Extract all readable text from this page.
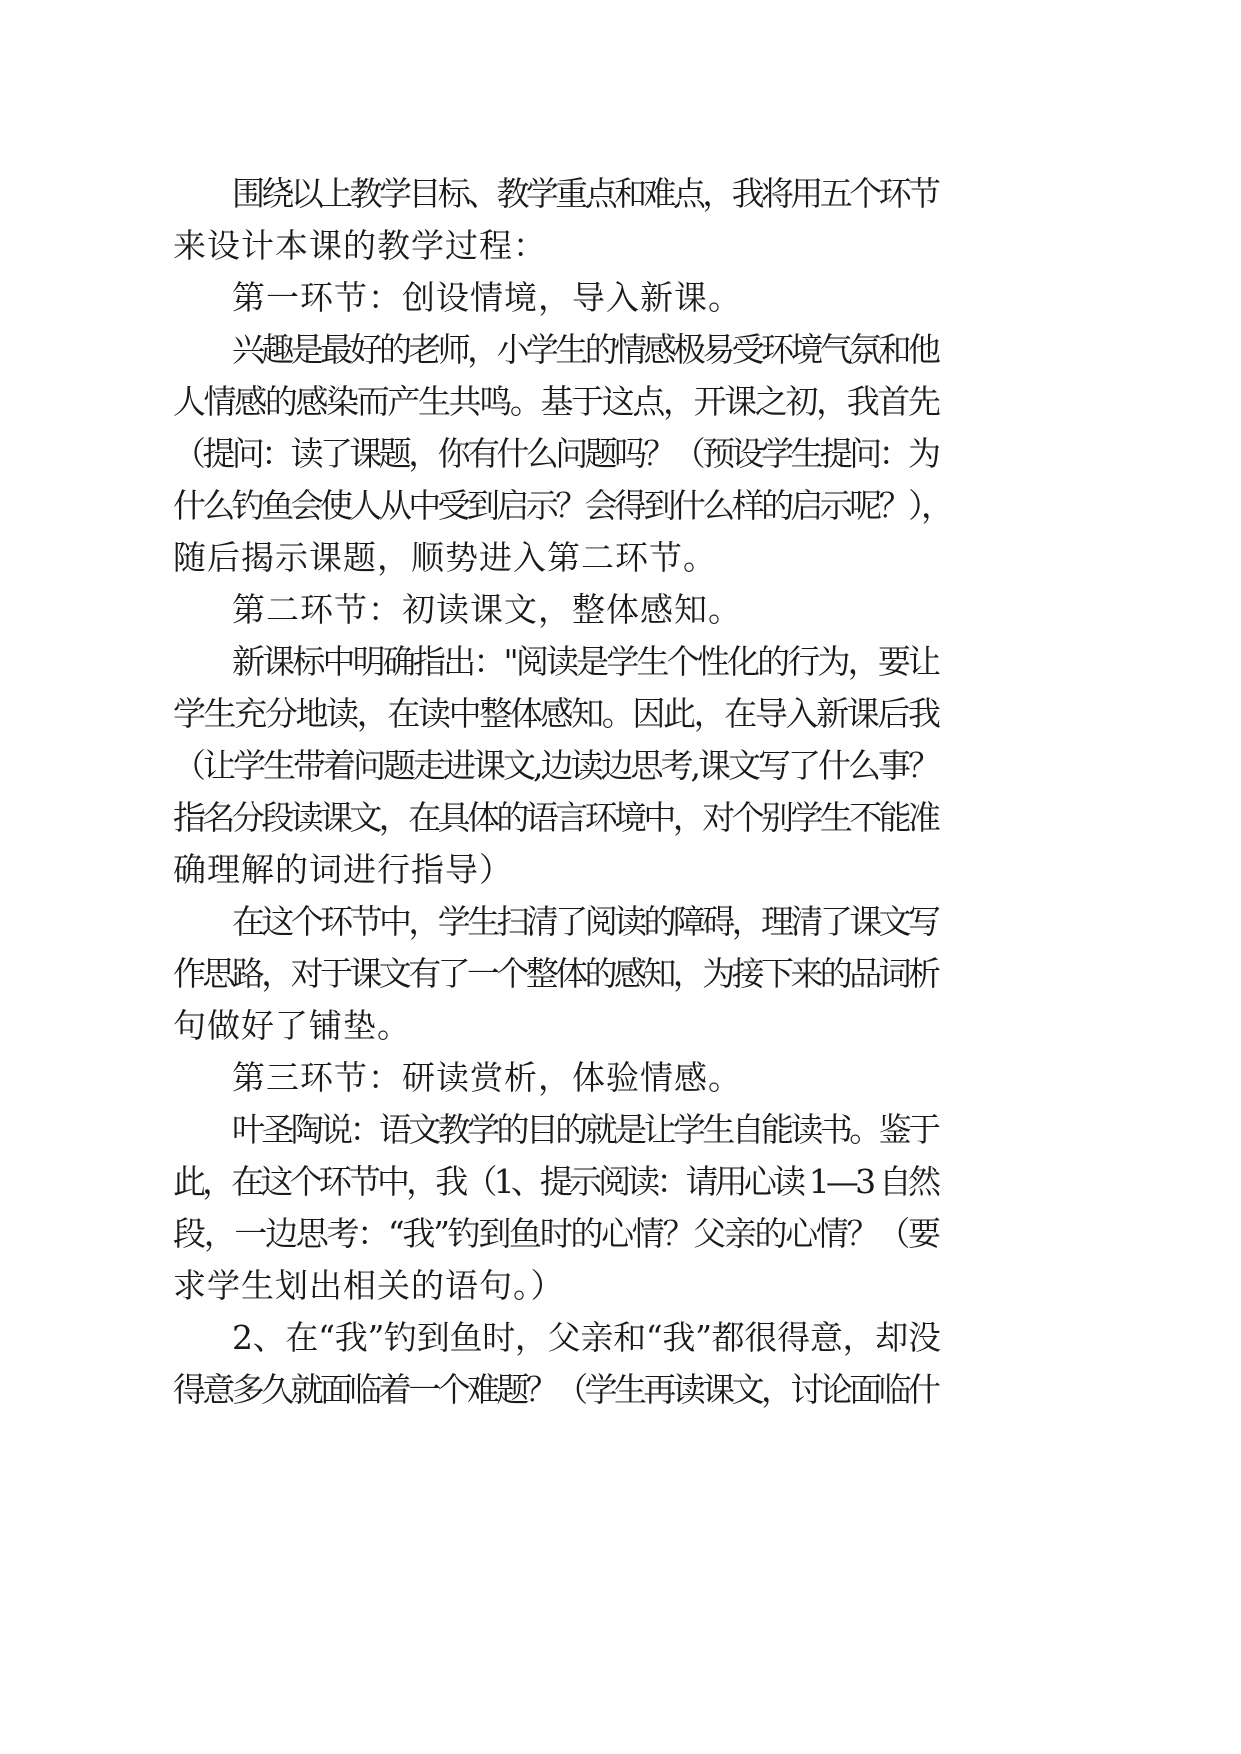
围绕以上教学目标、教学重点和难点，我将用五个环节
来设计本课的教学过程：
第一环节：创设情境，导入新课。
兴趣是最好的老师，小学生的情感极易受环境气氛和他
人情感的感染而产生共鸣。基于这点，开课之初，我首先
（提问：读了课题，你有什么问题吗？（预设学生提问：为
什么钓鱼会使人从中受到启示？会得到什么样的启示呢？），
随后揭示课题，顺势进入第二环节。
第二环节：初读课文，整体感知。
新课标中明确指出："阅读是学生个性化的行为，要让
学生充分地读，在读中整体感知。因此，在导入新课后我
（让学生带着问题走进课文,边读边思考,课文写了什么事？
指名分段读课文，在具体的语言环境中，对个别学生不能准
确理解的词进行指导）
在这个环节中，学生扫清了阅读的障碍，理清了课文写
作思路，对于课文有了一个整体的感知，为接下来的品词析
句做好了铺垫。
第三环节：研读赏析，体验情感。
叶圣陶说：语文教学的目的就是让学生自能读书。鉴于
此，在这个环节中，我（1、提示阅读：请用心读 1—3 自然
段，一边思考：“我”钓到鱼时的心情？父亲的心情？（要
求学生划出相关的语句。）
2、在“我”钓到鱼时，父亲和“我”都很得意，却没
得意多久就面临着一个难题？（学生再读课文，讨论面临什
